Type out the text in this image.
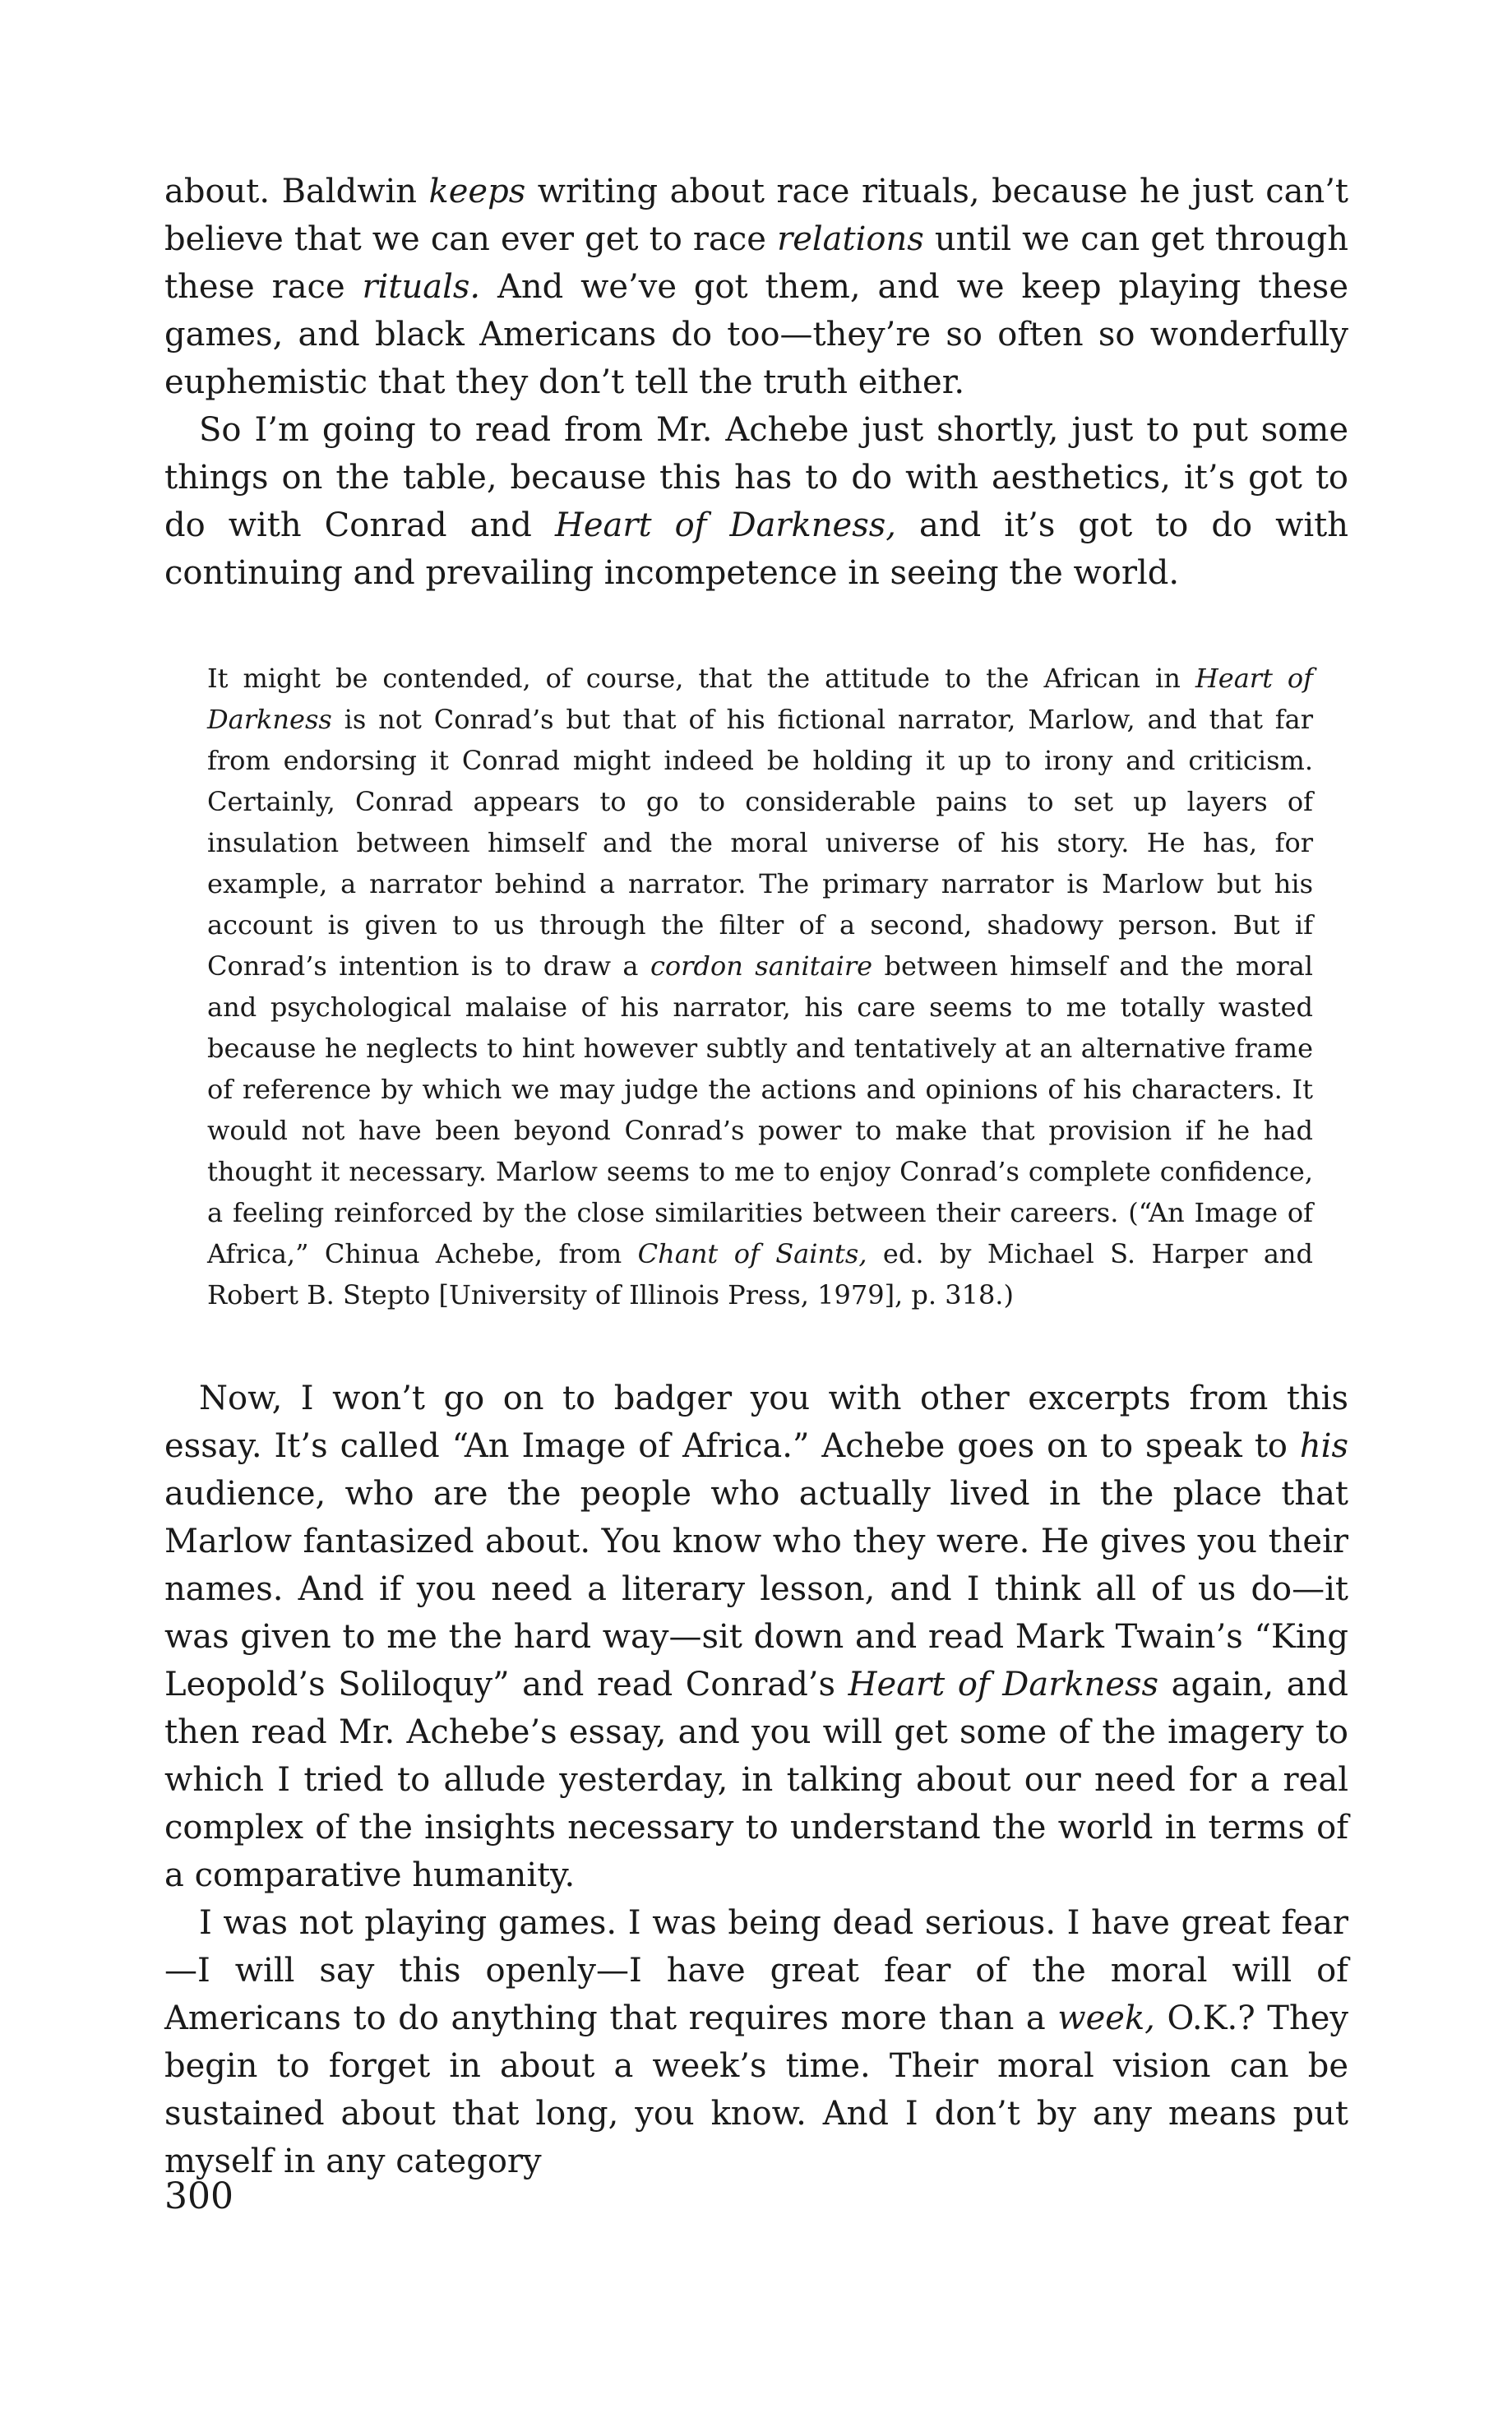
about. Baldwin keeps writing about race rituals, because he just can’t believe that we can ever get to race relations until we can get through these race rituals. And we’ve got them, and we keep playing these games, and black Americans do too—they’re so often so wonderfully euphemistic that they don’t tell the truth either.

So I’m going to read from Mr. Achebe just shortly, just to put some things on the table, because this has to do with aesthetics, it’s got to do with Conrad and Heart of Darkness, and it’s got to do with continuing and prevailing incompetence in seeing the world.

It might be contended, of course, that the attitude to the African in Heart of Darkness is not Conrad’s but that of his fictional narrator, Marlow, and that far from endorsing it Conrad might indeed be holding it up to irony and criticism. Certainly, Conrad appears to go to considerable pains to set up layers of insulation between himself and the moral universe of his story. He has, for example, a narrator behind a narrator. The primary narrator is Marlow but his account is given to us through the filter of a second, shadowy person. But if Conrad’s intention is to draw a cordon sanitaire between himself and the moral and psychological malaise of his narrator, his care seems to me totally wasted because he neglects to hint however subtly and tentatively at an alternative frame of reference by which we may judge the actions and opinions of his characters. It would not have been beyond Conrad’s power to make that provision if he had thought it necessary. Marlow seems to me to enjoy Conrad’s complete confidence, a feeling reinforced by the close similarities between their careers. (“An Image of Africa,” Chinua Achebe, from Chant of Saints, ed. by Michael S. Harper and Robert B. Stepto [University of Illinois Press, 1979], p. 318.)

Now, I won’t go on to badger you with other excerpts from this essay. It’s called “An Image of Africa.” Achebe goes on to speak to his audience, who are the people who actually lived in the place that Marlow fantasized about. You know who they were. He gives you their names. And if you need a literary lesson, and I think all of us do—it was given to me the hard way—sit down and read Mark Twain’s “King Leopold’s Soliloquy” and read Conrad’s Heart of Darkness again, and then read Mr. Achebe’s essay, and you will get some of the imagery to which I tried to allude yesterday, in talking about our need for a real complex of the insights necessary to understand the world in terms of a comparative humanity.

I was not playing games. I was being dead serious. I have great fear—I will say this openly—I have great fear of the moral will of Americans to do anything that requires more than a week, O.K.? They begin to forget in about a week’s time. Their moral vision can be sustained about that long, you know. And I don’t by any means put myself in any category

300
